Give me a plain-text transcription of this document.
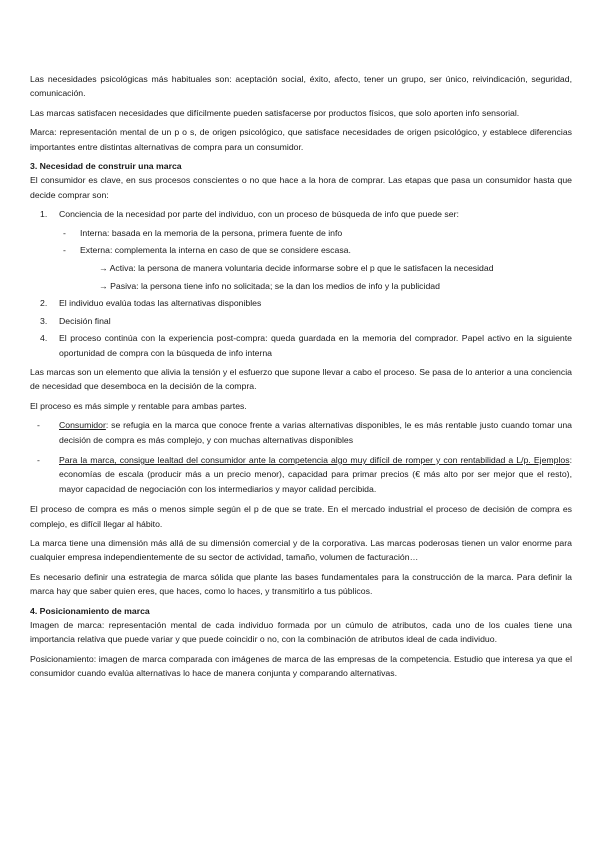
Las necesidades psicológicas más habituales son: aceptación social, éxito, afecto, tener un grupo, ser único, reivindicación, seguridad, comunicación.

Las marcas satisfacen necesidades que difícilmente pueden satisfacerse por productos físicos, que solo aporten info sensorial.

Marca: representación mental de un p o s, de origen psicológico, que satisface necesidades de origen psicológico, y establece diferencias importantes entre distintas alternativas de compra para un consumidor.

3. Necesidad de construir una marca

El consumidor es clave, en sus procesos conscientes o no que hace a la hora de comprar. Las etapas que pasa un consumidor hasta que decide comprar son:

1. Conciencia de la necesidad por parte del individuo, con un proceso de búsqueda de info que puede ser:
- Interna: basada en la memoria de la persona, primera fuente de info
- Externa: complementa la interna en caso de que se considere escasa.
→ Activa: la persona de manera voluntaria decide informarse sobre el p que le satisfacen la necesidad
→ Pasiva: la persona tiene info no solicitada; se la dan los medios de info y la publicidad
2. El individuo evalúa todas las alternativas disponibles
3. Decisión final
4. El proceso continúa con la experiencia post-compra: queda guardada en la memoria del comprador. Papel activo en la siguiente oportunidad de compra con la búsqueda de info interna

Las marcas son un elemento que alivia la tensión y el esfuerzo que supone llevar a cabo el proceso. Se pasa de lo anterior a una conciencia de necesidad que desemboca en la decisión de la compra.

El proceso es más simple y rentable para ambas partes.

- Consumidor: se refugia en la marca que conoce frente a varias alternativas disponibles, le es más rentable justo cuando tomar una decisión de compra es más complejo, y con muchas alternativas disponibles
- Para la marca, consigue lealtad del consumidor ante la competencia algo muy difícil de romper y con rentabilidad a L/p. Ejemplos: economías de escala (producir más a un precio menor), capacidad para primar precios (€ más alto por ser mejor que el resto), mayor capacidad de negociación con los intermediarios y mayor calidad percibida.

El proceso de compra es más o menos simple según el p de que se trate. En el mercado industrial el proceso de decisión de compra es complejo, es difícil llegar al hábito.

La marca tiene una dimensión más allá de su dimensión comercial y de la corporativa. Las marcas poderosas tienen un valor enorme para cualquier empresa independientemente de su sector de actividad, tamaño, volumen de facturación…

Es necesario definir una estrategia de marca sólida que plante las bases fundamentales para la construcción de la marca. Para definir la marca hay que saber quien eres, que haces, como lo haces, y transmitirlo a tus públicos.

4. Posicionamiento de marca

Imagen de marca: representación mental de cada individuo formada por un cúmulo de atributos, cada uno de los cuales tiene una importancia relativa que puede variar y que puede coincidir o no, con la combinación de atributos ideal de cada individuo.

Posicionamiento: imagen de marca comparada con imágenes de marca de las empresas de la competencia. Estudio que interesa ya que el consumidor cuando evalúa alternativas lo hace de manera conjunta y comparando alternativas.
